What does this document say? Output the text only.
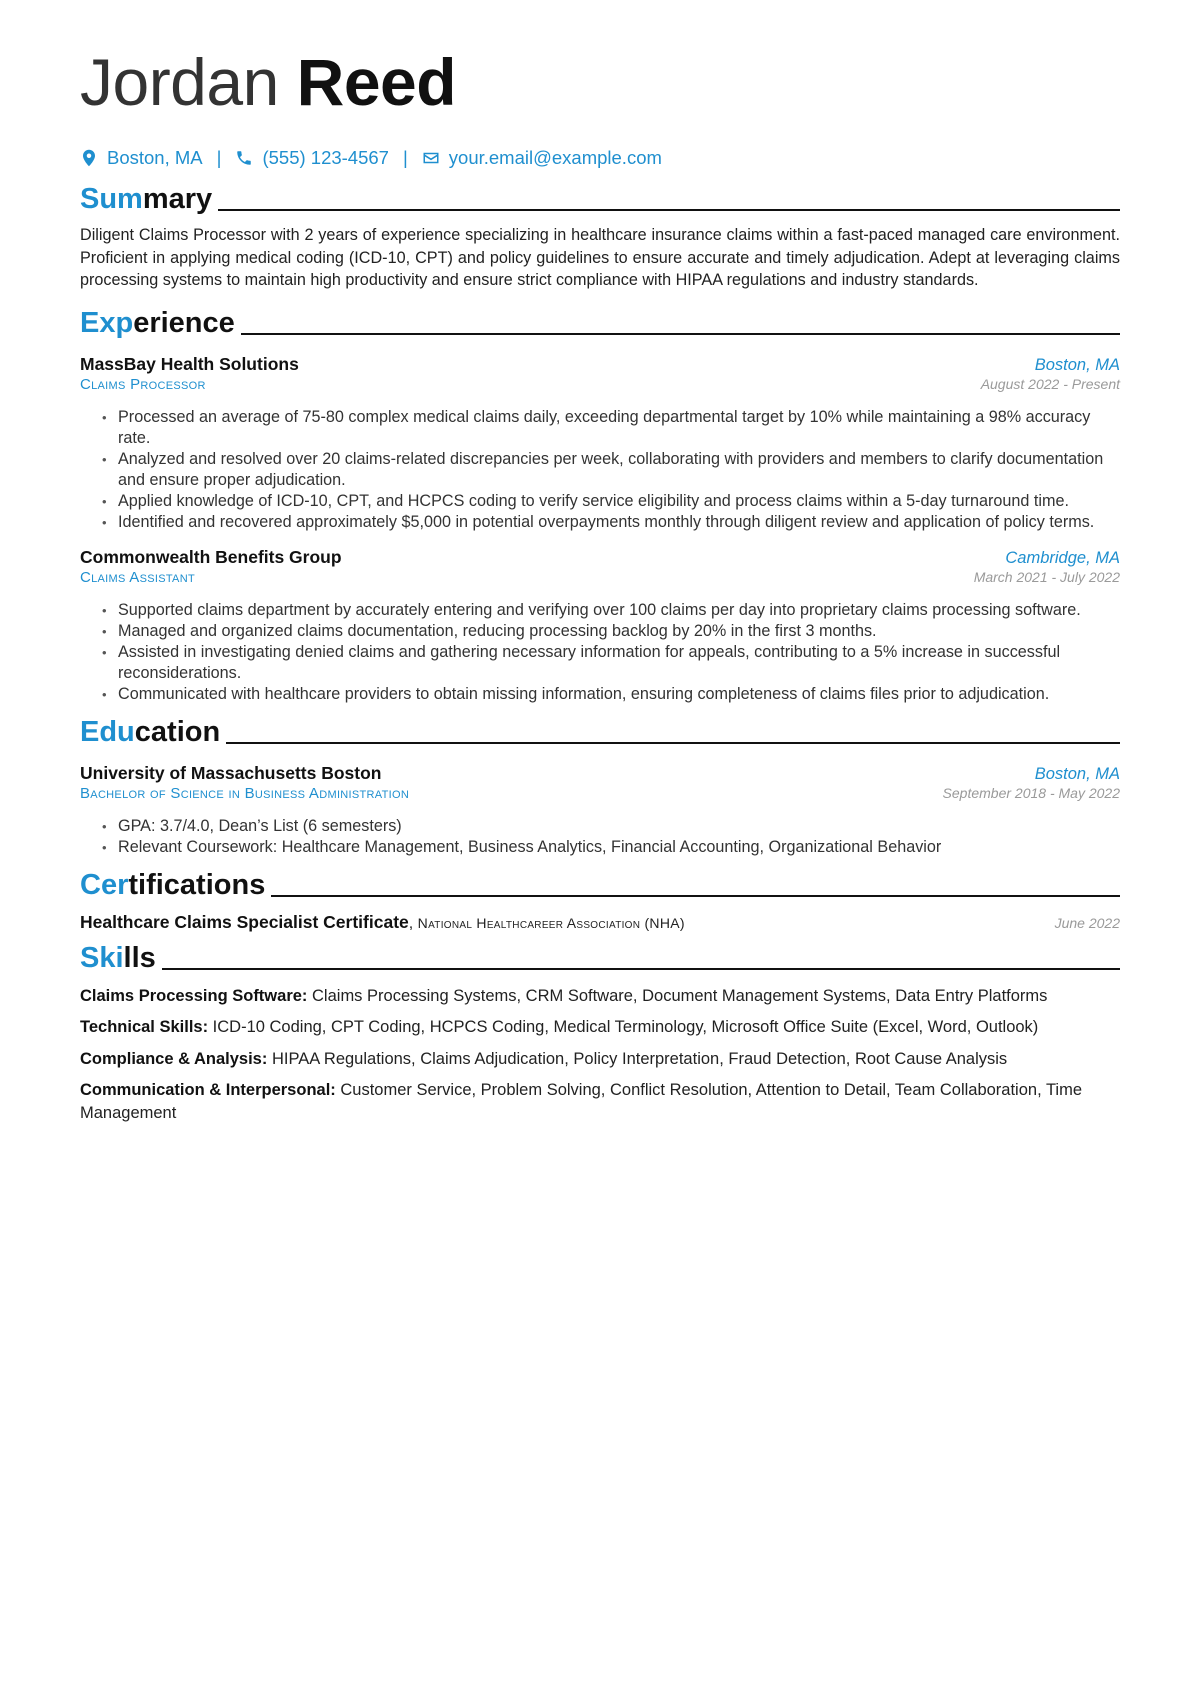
Jordan Reed
Boston, MA | (555) 123-4567 | your.email@example.com
Sum mary

Diligent Claims Processor with 2 years of experience specializing in healthcare insurance claims within a fast-paced managed care environment. Proficient in applying medical coding (ICD-10, CPT) and policy guidelines to ensure accurate and timely adjudication. Adept at leveraging claims processing systems to maintain high productivity and ensure strict compliance with HIPAA regulations and industry standards.

Exp erience
MassBay Health Solutions	Boston, MA
Claims Processor	August 2022 - Present
• Processed an average of 75-80 complex medical claims daily, exceeding departmental target by 10% while maintaining a 98% accuracy rate.
• Analyzed and resolved over 20 claims-related discrepancies per week, collaborating with providers and members to clarify documentation and ensure proper adjudication.
• Applied knowledge of ICD-10, CPT, and HCPCS coding to verify service eligibility and process claims within a 5-day turnaround time.
• Identified and recovered approximately $5,000 in potential overpayments monthly through diligent review and application of policy terms.
Commonwealth Benefits Group	Cambridge, MA
Claims Assistant	March 2021 - July 2022
• Supported claims department by accurately entering and verifying over 100 claims per day into proprietary claims processing software.
• Managed and organized claims documentation, reducing processing backlog by 20% in the first 3 months.
• Assisted in investigating denied claims and gathering necessary information for appeals, contributing to a 5% increase in successful reconsiderations.
• Communicated with healthcare providers to obtain missing information, ensuring completeness of claims files prior to adjudication.
Edu cation
University of Massachusetts Boston	Boston, MA
Bachelor of Science in Business Administration	September 2018 - May 2022
• GPA: 3.7/4.0, Dean’s List (6 semesters)
• Relevant Coursework: Healthcare Management, Business Analytics, Financial Accounting, Organizational Behavior
Cer tifications
Healthcare Claims Specialist Certificate, National Healthcareer Association (NHA)	June 2022
Ski lls

Claims Processing Software: Claims Processing Systems, CRM Software, Document Management Systems, Data Entry Platforms

Technical Skills: ICD-10 Coding, CPT Coding, HCPCS Coding, Medical Terminology, Microsoft Office Suite (Excel, Word, Outlook)

Compliance & Analysis: HIPAA Regulations, Claims Adjudication, Policy Interpretation, Fraud Detection, Root Cause Analysis

Communication & Interpersonal: Customer Service, Problem Solving, Conflict Resolution, Attention to Detail, Team Collaboration, Time Management
